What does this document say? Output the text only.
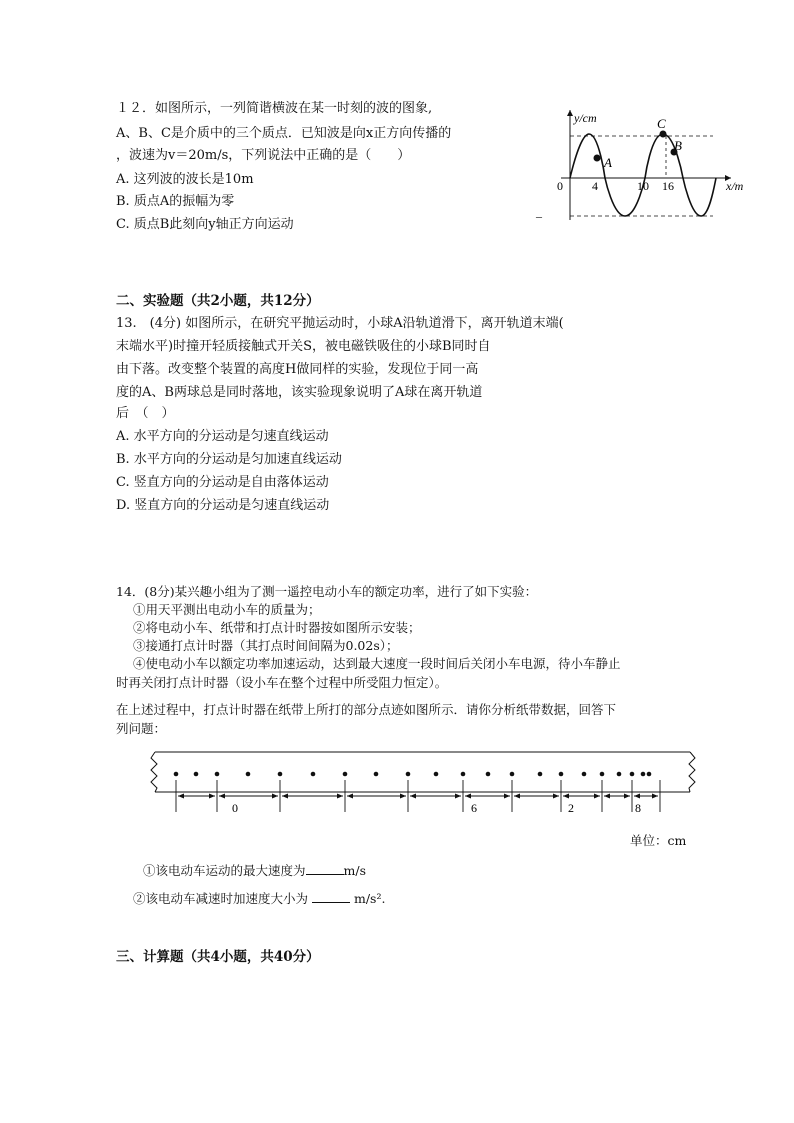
１２．如图所示，一列简谐横波在某一时刻的波的图象,
A、B、C是介质中的三个质点．已知波是向x正方向传播的
，波速为v＝20m/s，下列说法中正确的是（　　）
A. 这列波的波长是10m
B. 质点A的振幅为零
C. 质点B此刻向y轴正方向运动
y/cm
x/m
0 4	10 16
A
B
C
–
二、实验题（共2小题，共12分）
13.　(4分) 如图所示，在研究平抛运动时，小球A沿轨道滑下，离开轨道末端(
末端水平)时撞开轻质接触式开关S，被电磁铁吸住的小球B同时自
由下落。改变整个装置的高度H做同样的实验，发现位于同一高
度的A、B两球总是同时落地，该实验现象说明了A球在离开轨道
后　（　）
A. 水平方向的分运动是匀速直线运动
B. 水平方向的分运动是匀加速直线运动
C. 竖直方向的分运动是自由落体运动
D. 竖直方向的分运动是匀速直线运动
14．(8分)某兴趣小组为了测一遥控电动小车的额定功率，进行了如下实验：
①用天平测出电动小车的质量为；
②将电动小车、纸带和打点计时器按如图所示安装；
③接通打点计时器（其打点时间间隔为0.02s）；
④使电动小车以额定功率加速运动，达到最大速度一段时间后关闭小车电源，待小车静止
时再关闭打点计时器（设小车在整个过程中所受阻力恒定）。
在上述过程中，打点计时器在纸带上所打的部分点迹如图所示．请你分析纸带数据，回答下
列问题：
0	6	2	8
单位：cm
①该电动车运动的最大速度为	m/s
②该电动车减速时加速度大小为	m/s².
三、计算题（共4小题，共40分）
